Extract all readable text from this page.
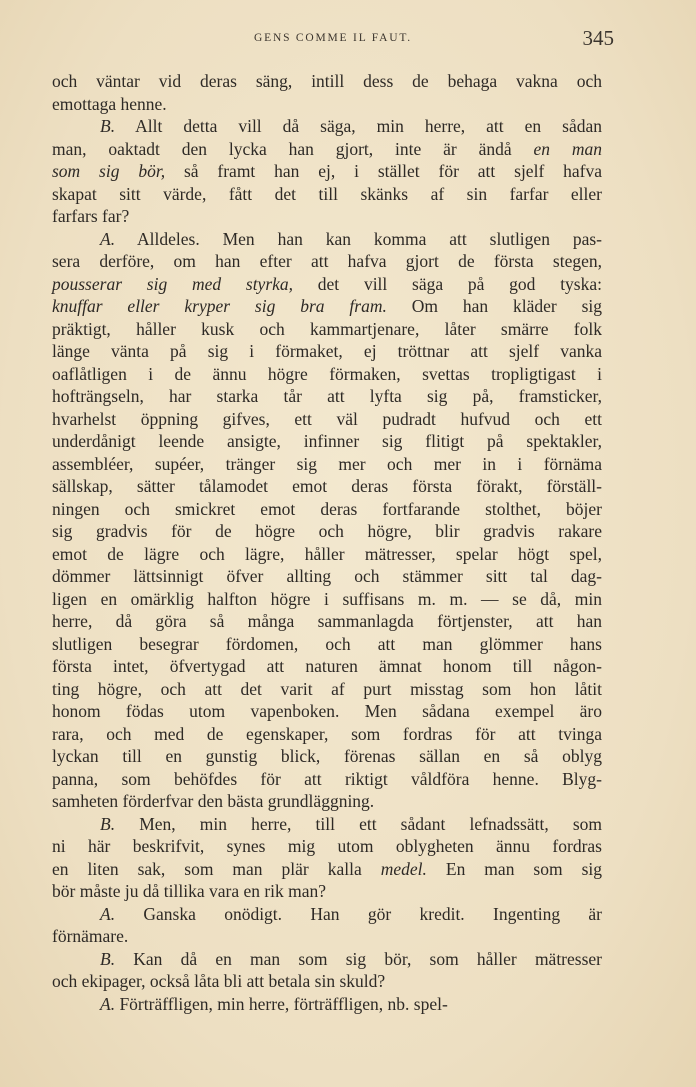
GENS COMME IL FAUT.	345
och väntar vid deras säng, intill dess de behaga vakna och
emottaga henne.
B. Allt detta vill då säga, min herre, att en sådan
man, oaktadt den lycka han gjort, inte är ändå en man
som sig bör, så framt han ej, i stället för att sjelf hafva
skapat sitt värde, fått det till skänks af sin farfar eller
farfars far?
A. Alldeles. Men han kan komma att slutligen pas-
sera derföre, om han efter att hafva gjort de första stegen,
pousserar sig med styrka, det vill säga på god tyska:
knuffar eller kryper sig bra fram. Om han kläder sig
präktigt, håller kusk och kammartjenare, låter smärre folk
länge vänta på sig i förmaket, ej tröttnar att sjelf vanka
oaflåtligen i de ännu högre förmaken, svettas tropligtigast i
hofträngseln, har starka tår att lyfta sig på, framsticker,
hvarhelst öppning gifves, ett väl pudradt hufvud och ett
underdånigt leende ansigte, infinner sig flitigt på spektakler,
assembléer, supéer, tränger sig mer och mer in i förnäma
sällskap, sätter tålamodet emot deras första förakt, förställ-
ningen och smickret emot deras fortfarande stolthet, böjer
sig gradvis för de högre och högre, blir gradvis rakare
emot de lägre och lägre, håller mätresser, spelar högt spel,
dömmer lättsinnigt öfver allting och stämmer sitt tal dag-
ligen en omärklig halfton högre i suffisans m. m. — se då, min
herre, då göra så många sammanlagda förtjenster, att han
slutligen besegrar fördomen, och att man glömmer hans
första intet, öfvertygad att naturen ämnat honom till någon-
ting högre, och att det varit af purt misstag som hon låtit
honom födas utom vapenboken. Men sådana exempel äro
rara, och med de egenskaper, som fordras för att tvinga
lyckan till en gunstig blick, förenas sällan en så oblyg
panna, som behöfdes för att riktigt våldföra henne. Blyg-
samheten förderfvar den bästa grundläggning.
B. Men, min herre, till ett sådant lefnadssätt, som
ni här beskrifvit, synes mig utom oblygheten ännu fordras
en liten sak, som man plär kalla medel. En man som sig
bör måste ju då tillika vara en rik man?
A. Ganska onödigt. Han gör kredit. Ingenting är
förnämare.
B. Kan då en man som sig bör, som håller mätresser
och ekipager, också låta bli att betala sin skuld?
A. Förträffligen, min herre, förträffligen, nb. spel-
